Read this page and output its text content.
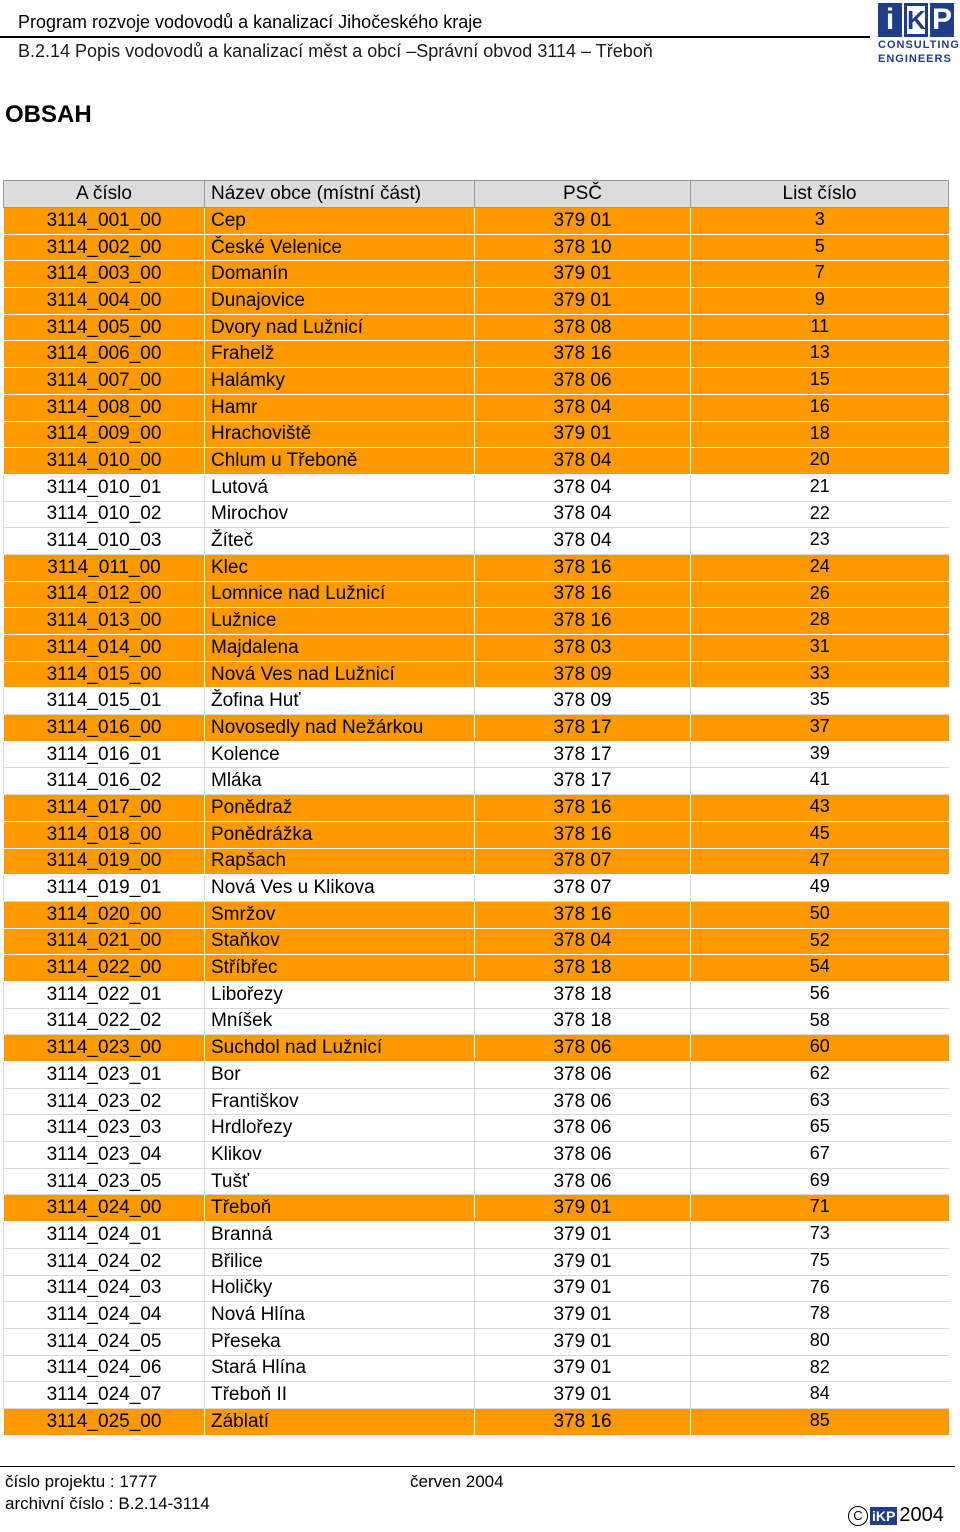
Program rozvoje vodovodů a kanalizací Jihočeského kraje
B.2.14 Popis vodovodů a kanalizací měst a obcí –Správní obvod 3114 – Třeboň
i K P
CONSULTING
ENGINEERS
OBSAH
A číslo	Název obce (místní část)	PSČ	List číslo
3114_001_00	Cep	379 01	3
3114_002_00	České Velenice	378 10	5
3114_003_00	Domanín	379 01	7
3114_004_00	Dunajovice	379 01	9
3114_005_00	Dvory nad Lužnicí	378 08	11
3114_006_00	Frahelž	378 16	13
3114_007_00	Halámky	378 06	15
3114_008_00	Hamr	378 04	16
3114_009_00	Hrachoviště	379 01	18
3114_010_00	Chlum u Třeboně	378 04	20
3114_010_01	Lutová	378 04	21
3114_010_02	Mirochov	378 04	22
3114_010_03	Žíteč	378 04	23
3114_011_00	Klec	378 16	24
3114_012_00	Lomnice nad Lužnicí	378 16	26
3114_013_00	Lužnice	378 16	28
3114_014_00	Majdalena	378 03	31
3114_015_00	Nová Ves nad Lužnicí	378 09	33
3114_015_01	Žofina Huť	378 09	35
3114_016_00	Novosedly nad Nežárkou	378 17	37
3114_016_01	Kolence	378 17	39
3114_016_02	Mláka	378 17	41
3114_017_00	Ponědraž	378 16	43
3114_018_00	Ponědrážka	378 16	45
3114_019_00	Rapšach	378 07	47
3114_019_01	Nová Ves u Klikova	378 07	49
3114_020_00	Smržov	378 16	50
3114_021_00	Staňkov	378 04	52
3114_022_00	Stříbřec	378 18	54
3114_022_01	Libořezy	378 18	56
3114_022_02	Mníšek	378 18	58
3114_023_00	Suchdol nad Lužnicí	378 06	60
3114_023_01	Bor	378 06	62
3114_023_02	Františkov	378 06	63
3114_023_03	Hrdlořezy	378 06	65
3114_023_04	Klikov	378 06	67
3114_023_05	Tušť	378 06	69
3114_024_00	Třeboň	379 01	71
3114_024_01	Branná	379 01	73
3114_024_02	Břilice	379 01	75
3114_024_03	Holičky	379 01	76
3114_024_04	Nová Hlína	379 01	78
3114_024_05	Přeseka	379 01	80
3114_024_06	Stará Hlína	379 01	82
3114_024_07	Třeboň II	379 01	84
3114_025_00	Záblatí	378 16	85
číslo projektu : 1777
archivní číslo : B.2.14-3114
červen 2004
C iKP 2004
